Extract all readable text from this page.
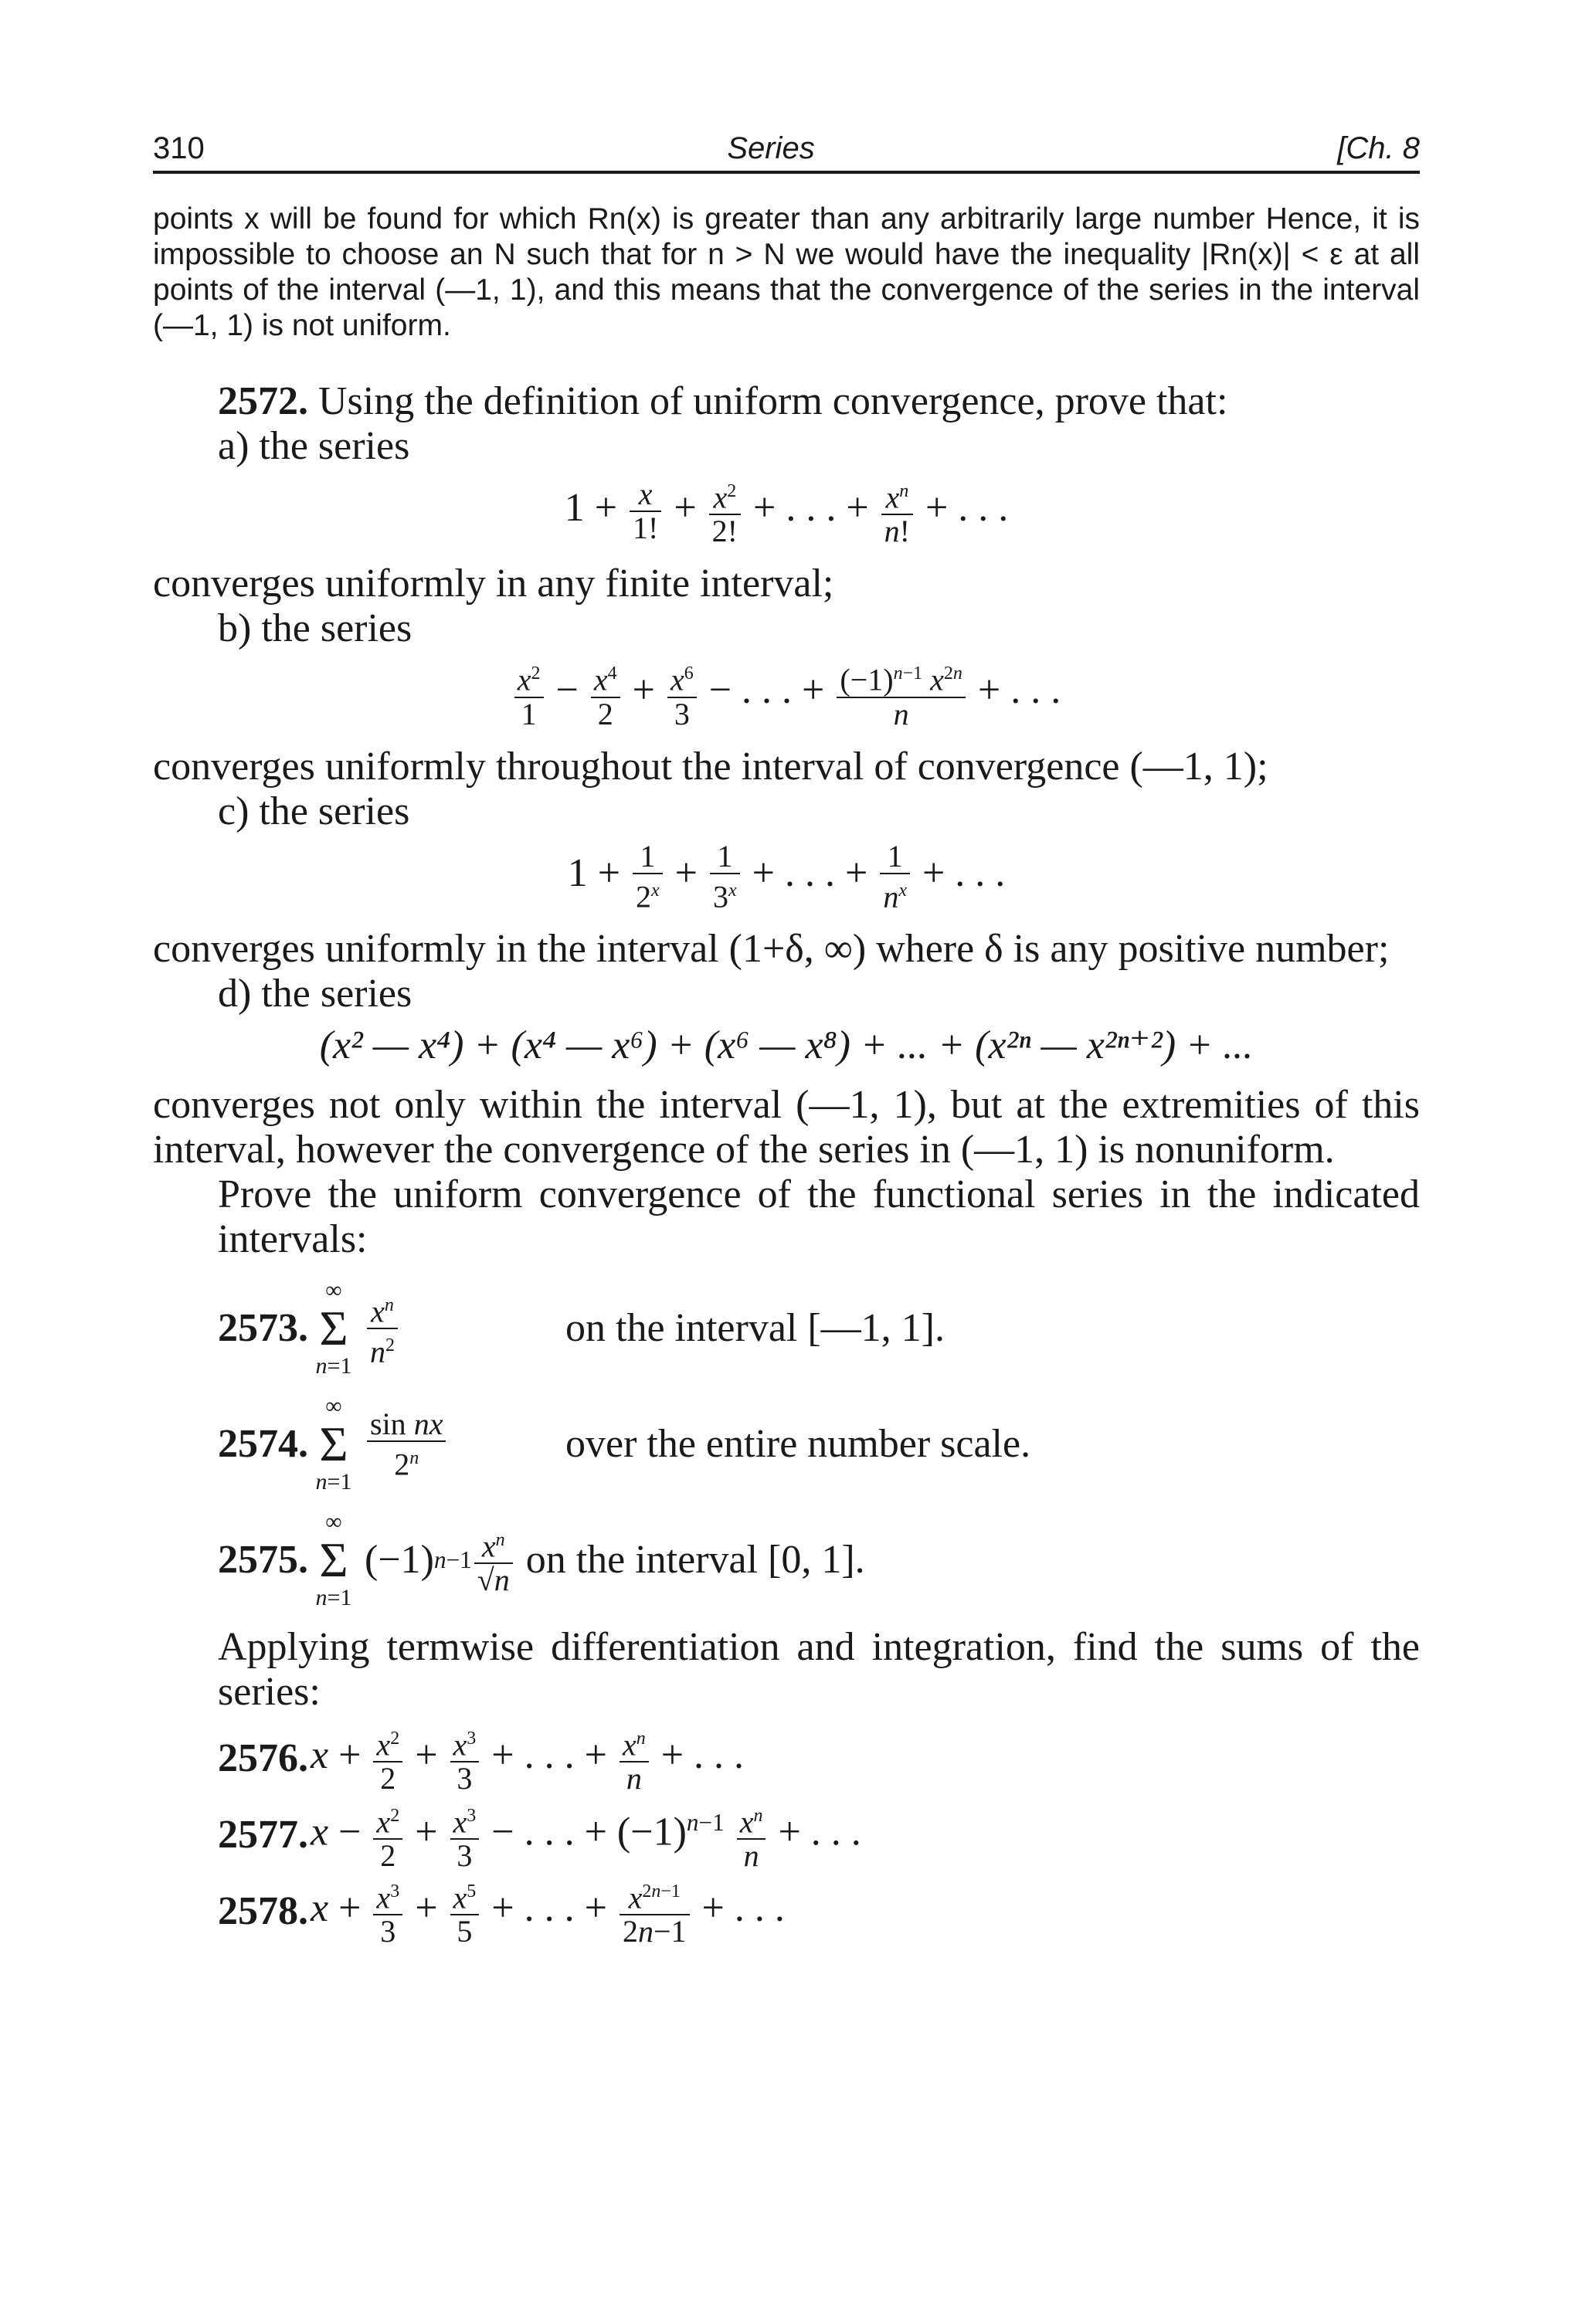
310	Series	[Ch. 8

points x will be found for which Rn(x) is greater than any arbitrarily large number Hence, it is impossible to choose an N such that for n > N we would have the inequality |Rn(x)| < ε at all points of the interval (—1, 1), and this means that the convergence of the series in the interval (—1, 1) is not uniform.

2572. Using the definition of uniform convergence, prove that:

a) the series

$1 + \frac{x}{1!} + \frac{x^2}{2!}$ + . . . + $\frac{x^n}{n!}$ + . . .

converges uniformly in any finite interval;

b) the series

$\frac{x^2}{1} - \frac{x^4}{2} + \frac{x^6}{3}$ − . . . + $\frac{(-1)^{n-1} x^{2n}}{n}$ + . . .

converges uniformly throughout the interval of convergence (—1, 1);

c) the series

$1 + \frac{1}{2^x} + \frac{1}{3^x}$ + . . . + $\frac{1}{n^x}$ + . . .

converges uniformly in the interval (1+δ, ∞) where δ is any positive number;

d) the series

(x² — x⁴) + (x⁴ — x⁶) + (x⁶ — x⁸) + ... + (x²ⁿ — x²ⁿ⁺²) + ...

converges not only within the interval (—1, 1), but at the extremities of this interval, however the convergence of the series in (—1, 1) is nonuniform.

Prove the uniform convergence of the functional series in the indicated intervals:

2573.
∞
Σ
$n=1 \frac{x^n}{n^2}$	on the interval [—1, 1].
2574.
∞
Σ
n=1
$\frac{\text{sin nx}}{2^n}$	over the entire number scale.
2575.
∞
Σ
n=1
(−1) $n-1 \frac{x^n}{√n}$ on the interval [0, 1].

Applying termwise differentiation and integration, find the sums of the series:

2576. $x + \frac{x^2}{2} + \frac{x^3}{3}$ + . . . + $\frac{x^n}{n}$ + . . .
2577. $x - \frac{x^2}{2} + \frac{x^3}{3}$ − . . . + $(-1)^{n-1} \frac{x^n}{n}$ + . . .
2578. $x + \frac{x^3}{3} + \frac{x^5}{5}$ + . . . + $\frac{x^{2n-1}}{2n-1}$ + . . .
